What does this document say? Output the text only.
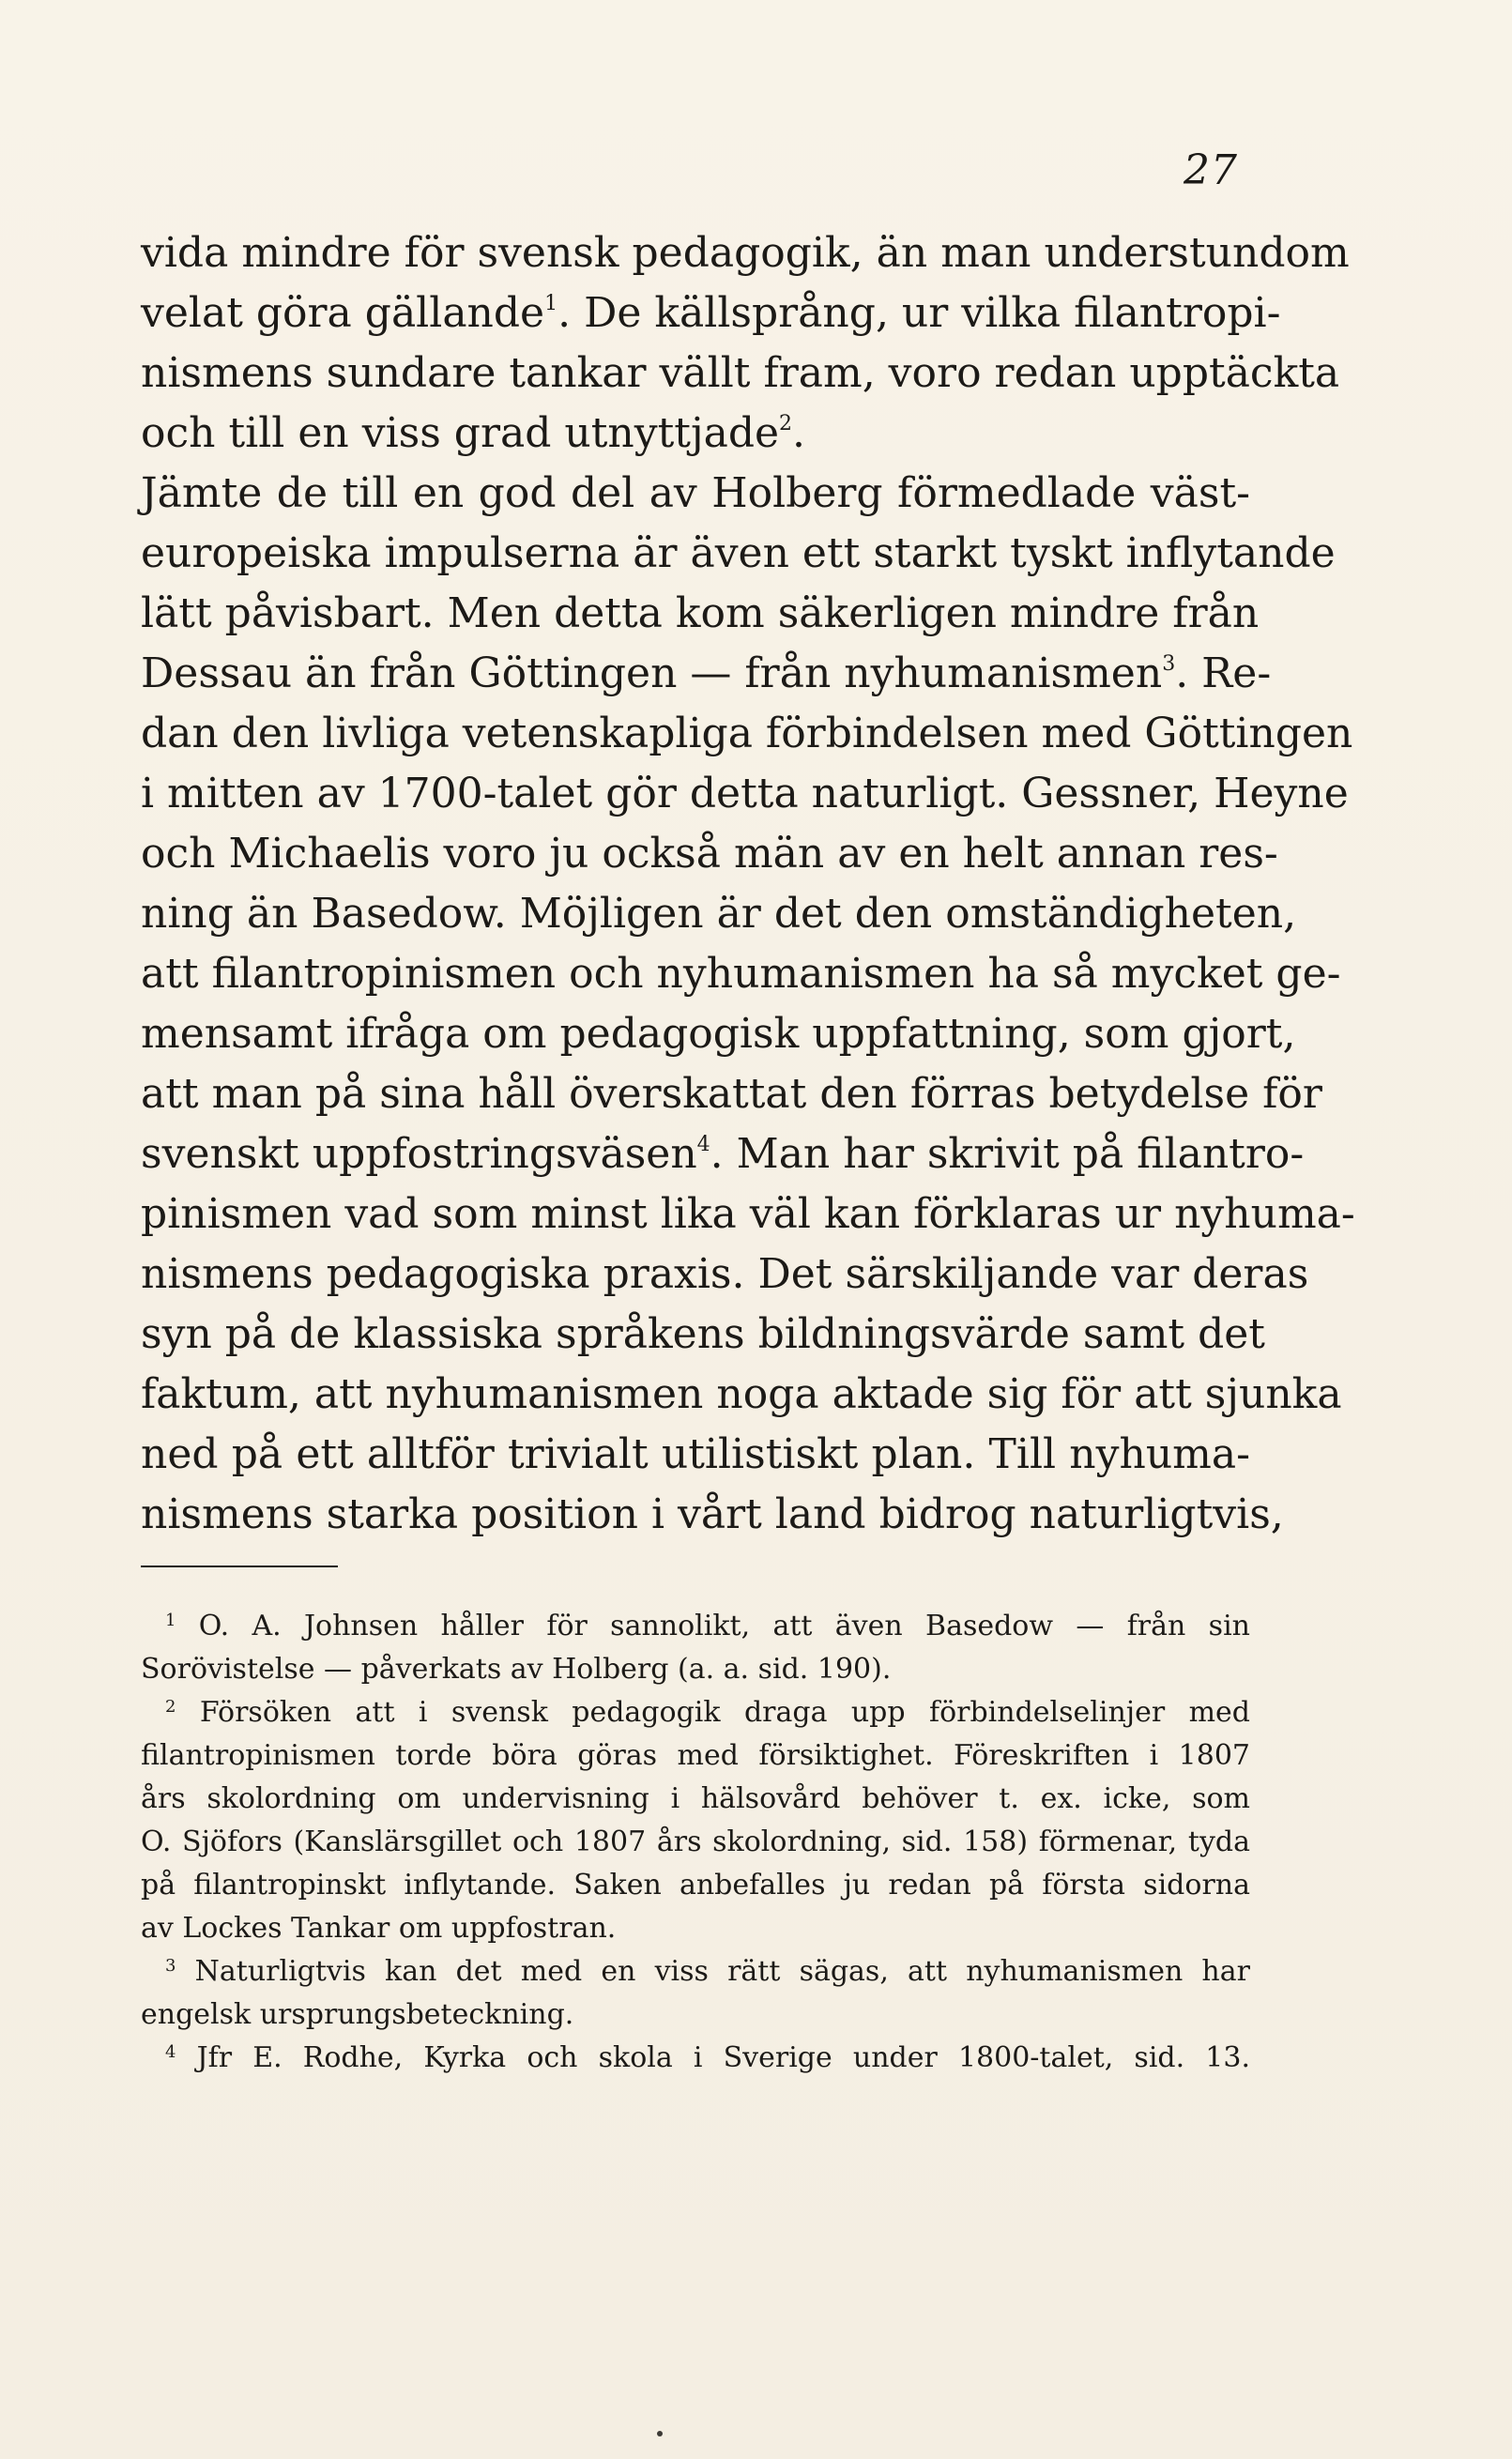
27
vida mindre för svensk pedagogik, än man understundom
velat göra gällande$^1$. De källsprång, ur vilka filantropi-
nismens sundare tankar vällt fram, voro redan upptäckta
och till en viss grad utnyttjade$^2$.
Jämte de till en god del av Holberg förmedlade väst-
europeiska impulserna är även ett starkt tyskt inflytande
lätt påvisbart. Men detta kom säkerligen mindre från
Dessau än från Göttingen — från nyhumanismen$^3$. Re-
dan den livliga vetenskapliga förbindelsen med Göttingen
i mitten av 1700-talet gör detta naturligt. Gessner, Heyne
och Michaelis voro ju också män av en helt annan res-
ning än Basedow. Möjligen är det den omständigheten,
att filantropinismen och nyhumanismen ha så mycket ge-
mensamt ifråga om pedagogisk uppfattning, som gjort,
att man på sina håll överskattat den förras betydelse för
svenskt uppfostringsväsen$^4$. Man har skrivit på filantro-
pinismen vad som minst lika väl kan förklaras ur nyhuma-
nismens pedagogiska praxis. Det särskiljande var deras
syn på de klassiska språkens bildningsvärde samt det
faktum, att nyhumanismen noga aktade sig för att sjunka
ned på ett alltför trivialt utilistiskt plan. Till nyhuma-
nismens starka position i vårt land bidrog naturligtvis,
$^1$ O. A. Johnsen håller för sannolikt, att även Basedow — från sin
Sorövistelse — påverkats av Holberg (a. a. sid. 190).
$^2$ Försöken att i svensk pedagogik draga upp förbindelselinjer med
filantropinismen torde böra göras med försiktighet. Föreskriften i 1807
års skolordning om undervisning i hälsovård behöver t. ex. icke, som
O. Sjöfors (Kanslärsgillet och 1807 års skolordning, sid. 158) förmenar, tyda
på filantropinskt inflytande. Saken anbefalles ju redan på första sidorna
av Lockes Tankar om uppfostran.
$^3$ Naturligtvis kan det med en viss rätt sägas, att nyhumanismen har
engelsk ursprungsbeteckning.
$^4$ Jfr E. Rodhe, Kyrka och skola i Sverige under 1800-talet, sid. 13.
